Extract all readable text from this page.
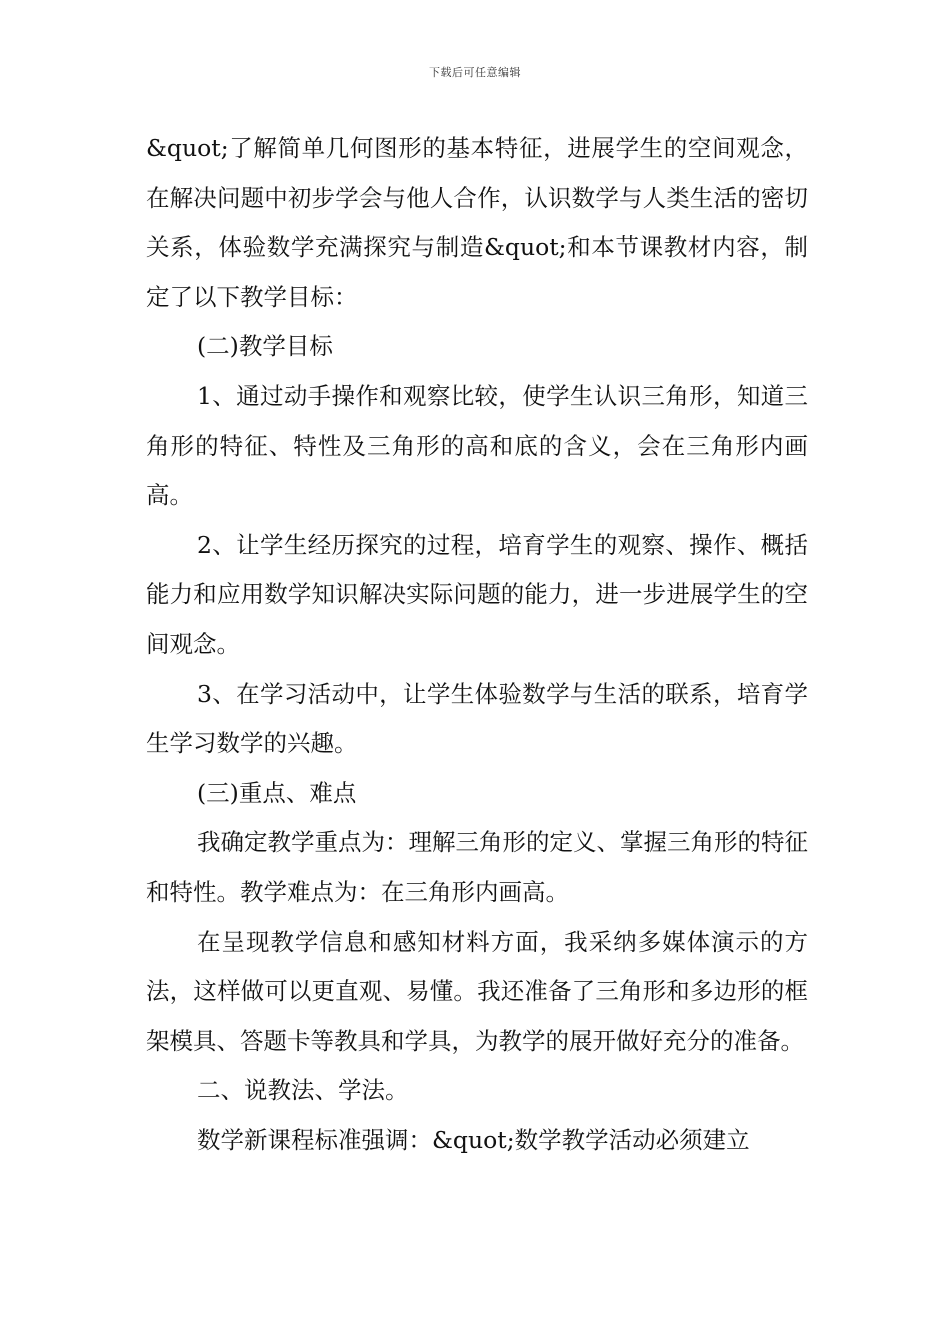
下载后可任意编辑

&quot;了解简单几何图形的基本特征，进展学生的空间观念，在解决问题中初步学会与他人合作，认识数学与人类生活的密切关系，体验数学充满探究与制造&quot;和本节课教材内容，制定了以下教学目标：

(二)教学目标

1、通过动手操作和观察比较，使学生认识三角形，知道三角形的特征、特性及三角形的高和底的含义，会在三角形内画高。

2、让学生经历探究的过程，培育学生的观察、操作、概括能力和应用数学知识解决实际问题的能力，进一步进展学生的空间观念。

3、在学习活动中，让学生体验数学与生活的联系，培育学生学习数学的兴趣。

(三)重点、难点

我确定教学重点为：理解三角形的定义、掌握三角形的特征和特性。教学难点为：在三角形内画高。

在呈现教学信息和感知材料方面，我采纳多媒体演示的方法，这样做可以更直观、易懂。我还准备了三角形和多边形的框架模具、答题卡等教具和学具，为教学的展开做好充分的准备。

二、说教法、学法。

数学新课程标准强调：&quot;数学教学活动必须建立
